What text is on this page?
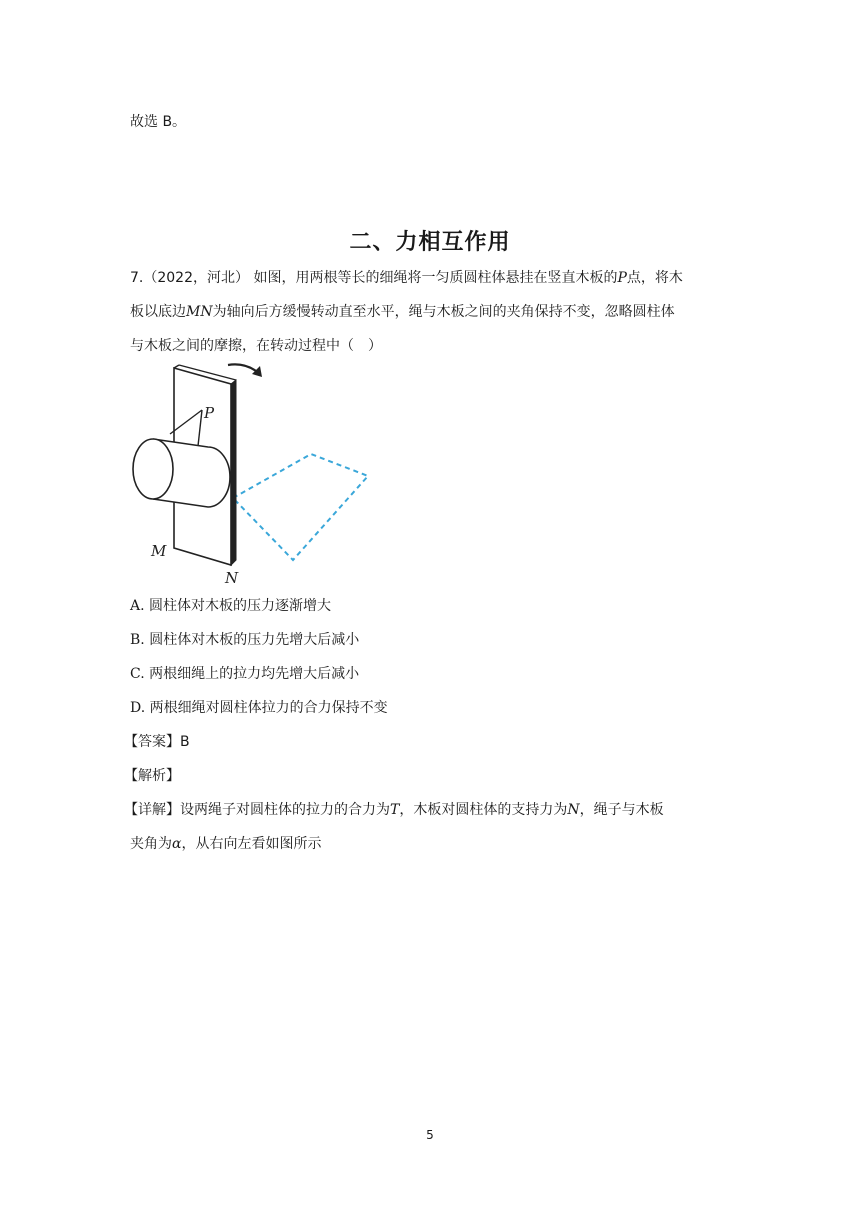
故选 B。
二、力相互作用
7.（2022，河北） 如图，用两根等长的细绳将一匀质圆柱体悬挂在竖直木板的P点，将木
板以底边MN为轴向后方缓慢转动直至水平，绳与木板之间的夹角保持不变，忽略圆柱体
与木板之间的摩擦，在转动过程中（　）
P
M
N
A. 圆柱体对木板的压力逐渐增大
B. 圆柱体对木板的压力先增大后减小
C. 两根细绳上的拉力均先增大后减小
D. 两根细绳对圆柱体拉力的合力保持不变
【答案】B
【解析】
【详解】设两绳子对圆柱体的拉力的合力为T，木板对圆柱体的支持力为N，绳子与木板
夹角为α，从右向左看如图所示
5
